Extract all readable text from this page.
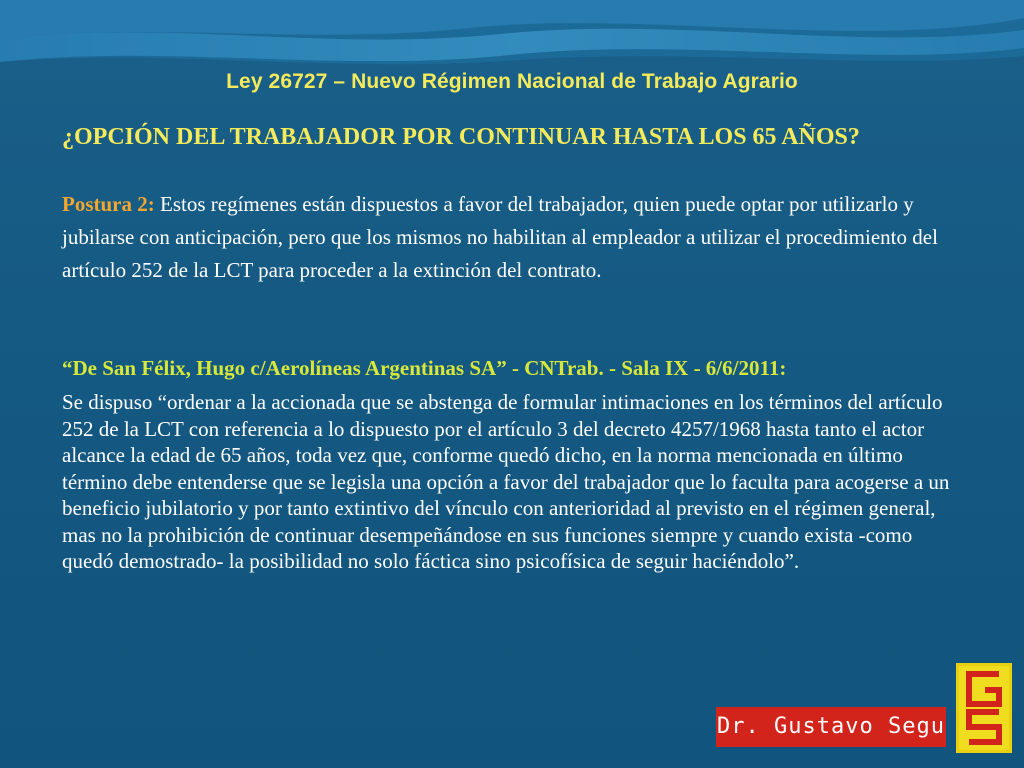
Ley 26727 – Nuevo Régimen Nacional de Trabajo Agrario
¿OPCIÓN DEL TRABAJADOR POR CONTINUAR HASTA LOS 65 AÑOS?
Postura 2: Estos regímenes están dispuestos a favor del trabajador, quien puede optar por utilizarlo y jubilarse con anticipación, pero que los mismos no habilitan al empleador a utilizar el procedimiento del artículo 252 de la LCT para proceder a la extinción del contrato.
“De San Félix, Hugo c/Aerolíneas Argentinas SA” - CNTrab. - Sala IX - 6/6/2011:
Se dispuso “ordenar a la accionada que se abstenga de formular intimaciones en los términos del artículo 252 de la LCT con referencia a lo dispuesto por el artículo 3 del decreto 4257/1968 hasta tanto el actor alcance la edad de 65 años, toda vez que, conforme quedó dicho, en la norma mencionada en último término debe entenderse que se legisla una opción a favor del trabajador que lo faculta para acogerse a un beneficio jubilatorio y por tanto extintivo del vínculo con anterioridad al previsto en el régimen general, mas no la prohibición de continuar desempeñándose en sus funciones siempre y cuando exista -como quedó demostrado- la posibilidad no solo fáctica sino psicofísica de seguir haciéndolo”.
Dr. Gustavo Segu
